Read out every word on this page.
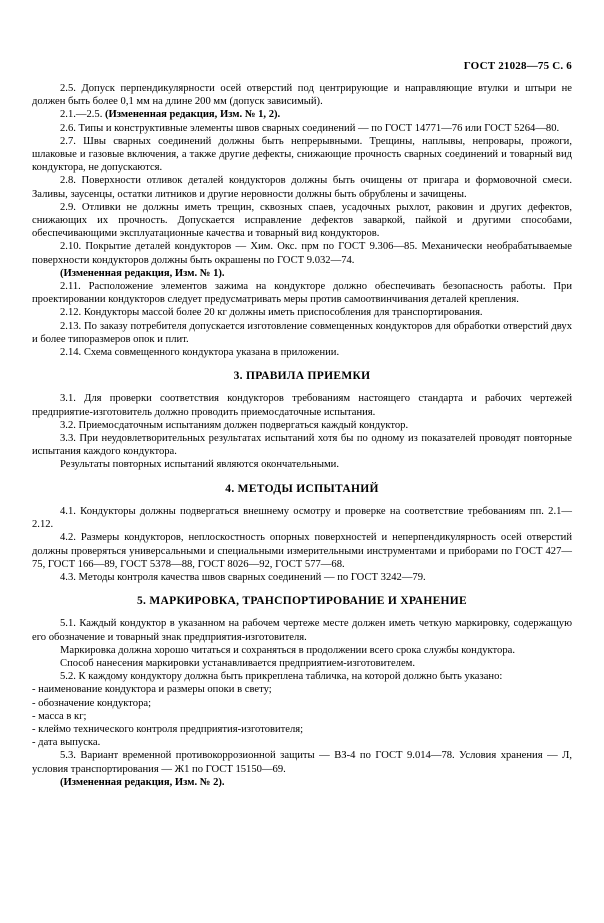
ГОСТ 21028—75 С. 6

2.5. Допуск перпендикулярности осей отверстий под центрирующие и направляющие втулки и штыри не должен быть более 0,1 мм на длине 200 мм (допуск зависимый).

2.1.—2.5. (Измененная редакция, Изм. № 1, 2).

2.6. Типы и конструктивные элементы швов сварных соединений — по ГОСТ 14771—76 или ГОСТ 5264—80.

2.7. Швы сварных соединений должны быть непрерывными. Трещины, наплывы, непровары, прожоги, шлаковые и газовые включения, а также другие дефекты, снижающие прочность сварных соединений и товарный вид кондуктора, не допускаются.

2.8. Поверхности отливок деталей кондукторов должны быть очищены от пригара и формовочной смеси. Заливы, заусенцы, остатки литников и другие неровности должны быть обрублены и зачищены.

2.9. Отливки не должны иметь трещин, сквозных спаев, усадочных рыхлот, раковин и других дефектов, снижающих их прочность. Допускается исправление дефектов заваркой, пайкой и другими способами, обеспечивающими эксплуатационные качества и товарный вид кондукторов.

2.10. Покрытие деталей кондукторов — Хим. Окс. прм по ГОСТ 9.306—85. Механически необрабатываемые поверхности кондукторов должны быть окрашены по ГОСТ 9.032—74.

(Измененная редакция, Изм. № 1).

2.11. Расположение элементов зажима на кондукторе должно обеспечивать безопасность работы. При проектировании кондукторов следует предусматривать меры против самоотвинчивания деталей крепления.

2.12. Кондукторы массой более 20 кг должны иметь приспособления для транспортирования.

2.13. По заказу потребителя допускается изготовление совмещенных кондукторов для обработки отверстий двух и более типоразмеров опок и плит.

2.14. Схема совмещенного кондуктора указана в приложении.

3. ПРАВИЛА ПРИЕМКИ

3.1. Для проверки соответствия кондукторов требованиям настоящего стандарта и рабочих чертежей предприятие-изготовитель должно проводить приемосдаточные испытания.

3.2. Приемосдаточным испытаниям должен подвергаться каждый кондуктор.

3.3. При неудовлетворительных результатах испытаний хотя бы по одному из показателей проводят повторные испытания каждого кондуктора.

Результаты повторных испытаний являются окончательными.

4. МЕТОДЫ ИСПЫТАНИЙ

4.1. Кондукторы должны подвергаться внешнему осмотру и проверке на соответствие требованиям пп. 2.1—2.12.

4.2. Размеры кондукторов, неплоскостность опорных поверхностей и неперпендикулярность осей отверстий должны проверяться универсальными и специальными измерительными инструментами и приборами по ГОСТ 427—75, ГОСТ 166—89, ГОСТ 5378—88, ГОСТ 8026—92, ГОСТ 577—68.

4.3. Методы контроля качества швов сварных соединений — по ГОСТ 3242—79.

5. МАРКИРОВКА, ТРАНСПОРТИРОВАНИЕ И ХРАНЕНИЕ

5.1. Каждый кондуктор в указанном на рабочем чертеже месте должен иметь четкую маркировку, содержащую его обозначение и товарный знак предприятия-изготовителя.

Маркировка должна хорошо читаться и сохраняться в продолжении всего срока службы кондуктора.

Способ нанесения маркировки устанавливается предприятием-изготовителем.

5.2. К каждому кондуктору должна быть прикреплена табличка, на которой должно быть указано:

- наименование кондуктора и размеры опоки в свету;

- обозначение кондуктора;

- масса в кг;

- клеймо технического контроля предприятия-изготовителя;

- дата выпуска.

5.3. Вариант временной противокоррозионной защиты — ВЗ-4 по ГОСТ 9.014—78. Условия хранения — Л, условия транспортирования — Ж1 по ГОСТ 15150—69.

(Измененная редакция, Изм. № 2).
